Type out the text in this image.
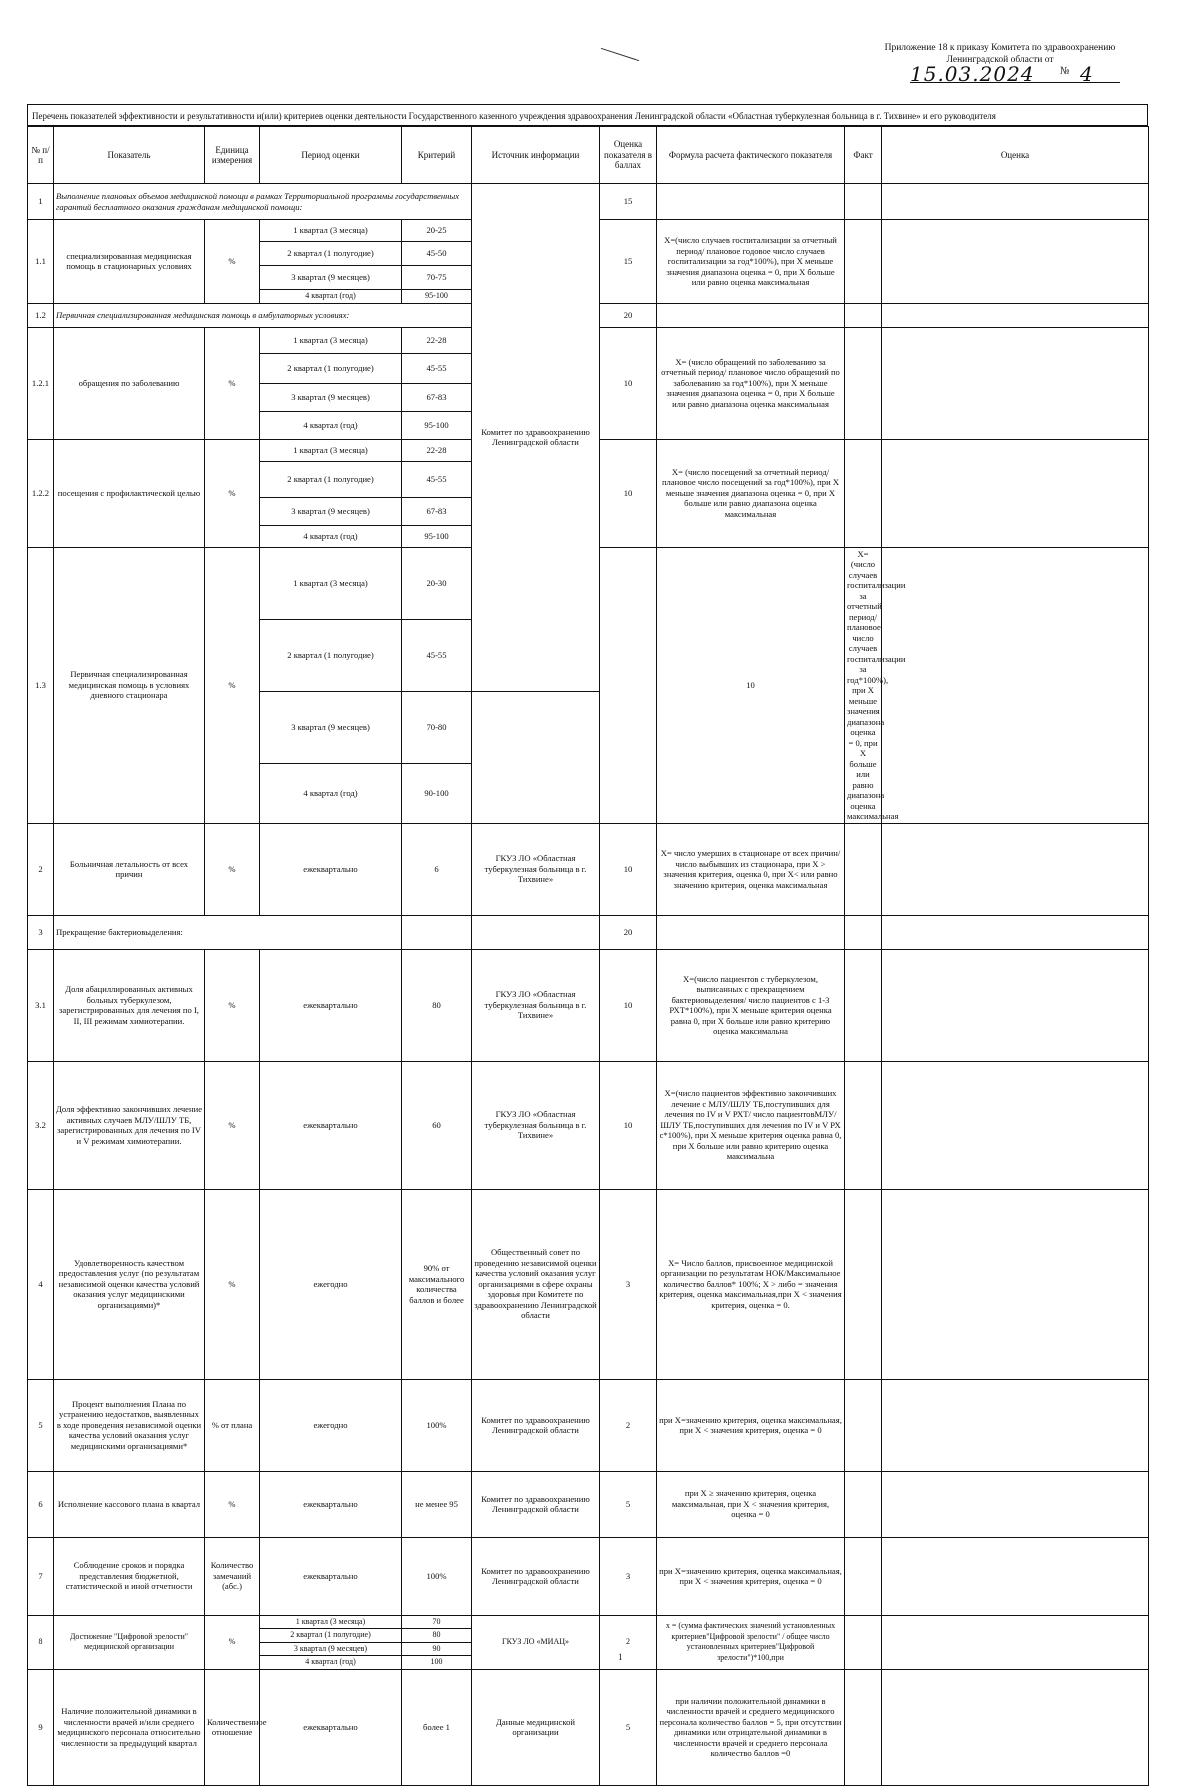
Приложение 18 к приказу Комитета по здравоохранению
Ленинградской области от
15.03.2024	№ 4
Перечень показателей эффективности и результативности и(или) критериев оценки деятельности Государственного казенного учреждения здравоохранения Ленинградской области «Областная туберкулезная больница в г. Тихвине» и его руководителя
№ п/п	Показатель	Единица измерения	Период оценки	Критерий	Источник информации	Оценка показателя в баллах	Формула расчета фактического показателя	Факт	Оценка	
1	Выполнение плановых объемов медицинской помощи в рамках Территориальной программы государственных гарантий бесплатного оказания гражданам медицинской помощи:				Комитет по здравоохранению Ленинградской области	15				
1.1	специализированная медицинская помощь в стационарных условиях	%	1 квартал (3 месяца)	20-25		15	Х=(число случаев госпитализации за отчетный период/ плановое годовое число случаев госпитализации за год*100%), при Х меньше значения диапазона оценка = 0, при Х больше или равно оценка максимальная			
			2 квартал (1 полугодие)	45-50						
			3 квартал (9 месяцев)	70-75						
			4 квартал (год)	95-100						
1.2	Первичная специализированная медицинская помощь в амбулаторных условиях:					20				
1.2.1	обращения по заболеванию	%	1 квартал (3 месяца)	22-28		10	Х= (число обращений по заболеванию за отчетный период/ плановое число обращений по заболеванию за год*100%), при Х меньше значения диапазона оценка = 0, при Х больше или равно диапазона оценка максимальная			
			2 квартал (1 полугодие)	45-55						
			3 квартал (9 месяцев)	67-83						
			4 квартал (год)	95-100						
1.2.2	посещения с профилактической целью	%	1 квартал (3 месяца)	22-28		10	Х= (число посещений за отчетный период/ плановое число посещений за год*100%), при Х меньше значения диапазона оценка = 0, при Х больше или равно диапазона оценка максимальная			
			2 квартал (1 полугодие)	45-55						
			3 квартал (9 месяцев)	67-83						
			4 квартал (год)	95-100						
1.3	Первичная специализированная медицинская помощь в условиях дневного стационара	%	1 квартал (3 месяца)	20-30			10	Х= (число случаев госпитализации за отчетный период/ плановое число случаев госпитализации за год*100%), при Х меньше значения диапазона оценка = 0, при Х больше или равно диапазона оценка максимальная		
			2 квартал (1 полугодие)	45-55						
			3 квартал (9 месяцев)	70-80						
			4 квартал (год)	90-100						
2	Больничная летальность от всех причин	%	ежеквартально	6	ГКУЗ ЛО «Областная туберкулезная больница в г. Тихвине»	10	Х= число умерших в стационаре от всех причин/число выбывших из стационара, при Х > значения критерия, оценка 0, при Х< или равно значению критерия, оценка максимальная			
3	Прекращение бактериовыделения:					20				
3.1	Доля абациллированных активных больных туберкулезом, зарегистрированных для лечения по I, II, III режимам химиотерапии.	%	ежеквартально	80	ГКУЗ ЛО «Областная туберкулезная больница в г. Тихвине»	10	Х=(число пациентов с туберкулезом, выписанных с прекращением бактериовыделения/ число пациентов с 1-3 РХТ*100%), при Х меньше критерия оценка равна 0, при Х больше или равно критерию оценка максимальна			
3.2	Доля эффективно закончивших лечение активных случаев МЛУ/ШЛУ ТБ, зарегистрированных для лечения по IV и V режимам химиотерапии.	%	ежеквартально	60	ГКУЗ ЛО «Областная туберкулезная больница в г. Тихвине»	10	Х=(число пациентов эффективно закончивших лечение с МЛУ/ШЛУ ТБ,поступивших для лечения по IV и V РХТ/ число пациентовМЛУ/ШЛУ ТБ,поступивших для лечения по IV и V РХ с*100%), при Х меньше критерия оценка равна 0, при Х больше или равно критерию оценка максимальна			
4	Удовлетворенность качеством предоставления услуг (по результатам независимой оценки качества условий оказания услуг медицинскими организациями)*	%	ежегодно	90% от максимального количества баллов и более	Общественный совет по проведению независимой оценки качества условий оказания услуг организациями в сфере охраны здоровья при Комитете по здравоохранению Ленинградской области	3	Х= Число баллов, присвоенное медицинской организации по результатам НОК/Максимальное количество баллов* 100%; Х > либо = значения критерия, оценка максимальная,при Х < значения критерия, оценка = 0.			
5	Процент выполнения Плана по устранению недостатков, выявленных в ходе проведения независимой оценки качества условий оказания услуг медицинскими организациями*	% от плана	ежегодно	100%	Комитет по здравоохранению Ленинградской области	2	при Х=значению критерия, оценка максимальная, при Х < значения критерия, оценка = 0			
6	Исполнение кассового плана в квартал	%	ежеквартально	не менее 95	Комитет по здравоохранению Ленинградской области	5	при Х ≥ значению критерия, оценка максимальная, при Х < значения критерия, оценка = 0			
7	Соблюдение сроков и порядка представления бюджетной, статистической и иной отчетности	Количество замечаний (абс.)	ежеквартально	100%	Комитет по здравоохранению Ленинградской области	3	при Х=значению критерия, оценка максимальная, при Х < значения критерия, оценка = 0			
8	Достижение "Цифровой зрелости" медицинской организации	%	1 квартал (3 месяца)	70	ГКУЗ ЛО «МИАЦ»	2	х = (сумма фактических значений установленных критериев"Цифровой зрелости" / общее число установленных критериев"Цифровой зрелости")*100,при			
			2 квартал (1 полугодие)	80						
			3 квартал (9 месяцев)	90						
			4 квартал (год)	100						
9	Наличие положительной динамики в численности врачей и/или среднего медицинского персонала относительно численности за предыдущий квартал	Количественное отношение	ежеквартально	более 1	Данные медицинской организации	5	при наличии положительной динамики в численности врачей и среднего медицинского персонала количество баллов = 5, при отсутствии динамики или отрицательной динамики в численности врачей и среднего персонала количество баллов =0			
1
